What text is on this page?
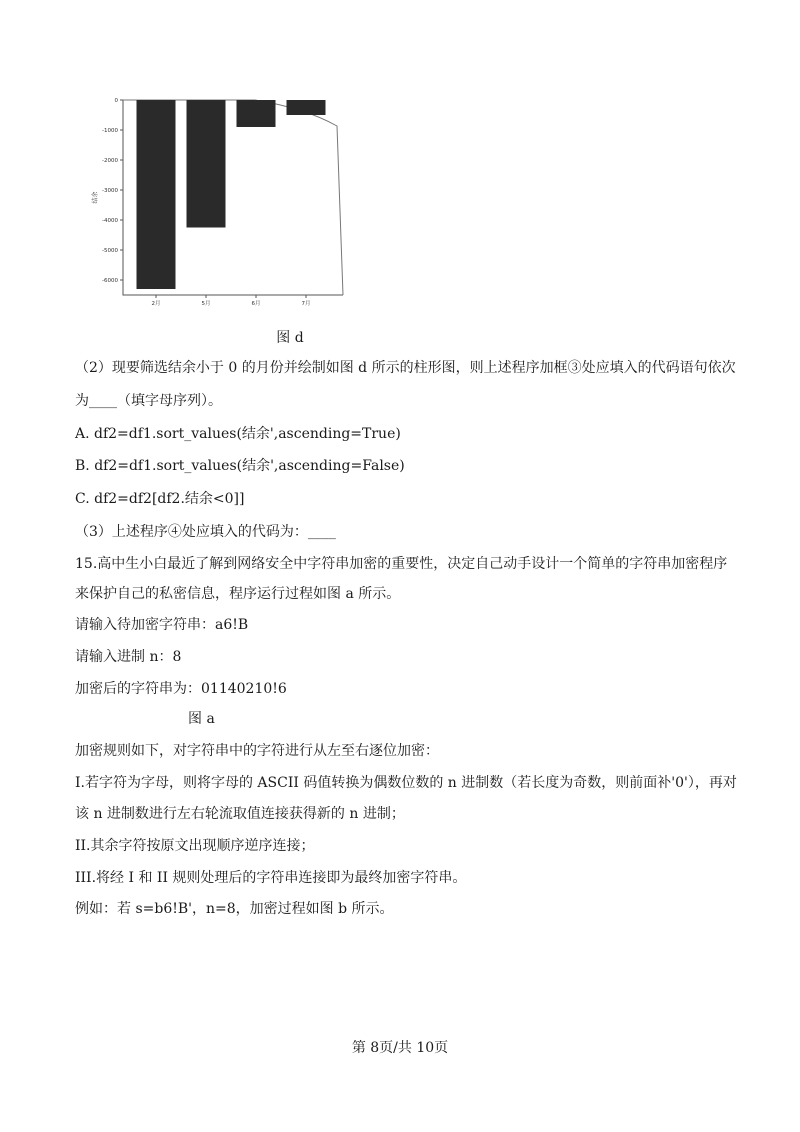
0
-1000
-2000
-3000
-4000
-5000
-6000
结余
2月	5月	6月	7月
图 d
（2）现要筛选结余小于 0 的月份并绘制如图 d 所示的柱形图，则上述程序加框③处应填入的代码语句依次
为____（填字母序列）。
A. df2=df1.sort_values(结余',ascending=True)
B. df2=df1.sort_values(结余',ascending=False)
C. df2=df2[df2.结余<0]]
（3）上述程序④处应填入的代码为：____
15.高中生小白最近了解到网络安全中字符串加密的重要性，决定自己动手设计一个简单的字符串加密程序
来保护自己的私密信息，程序运行过程如图 a 所示。
请输入待加密字符串：a6!B
请输入进制 n：8
加密后的字符串为：01140210!6
图 a
加密规则如下，对字符串中的字符进行从左至右逐位加密：
I.若字符为字母，则将字母的 ASCII 码值转换为偶数位数的 n 进制数（若长度为奇数，则前面补'0'），再对
该 n 进制数进行左右轮流取值连接获得新的 n 进制；
II.其余字符按原文出现顺序逆序连接；
III.将经 I 和 II 规则处理后的字符串连接即为最终加密字符串。
例如：若 s=b6!B'，n=8，加密过程如图 b 所示。
第 8页/共 10页
